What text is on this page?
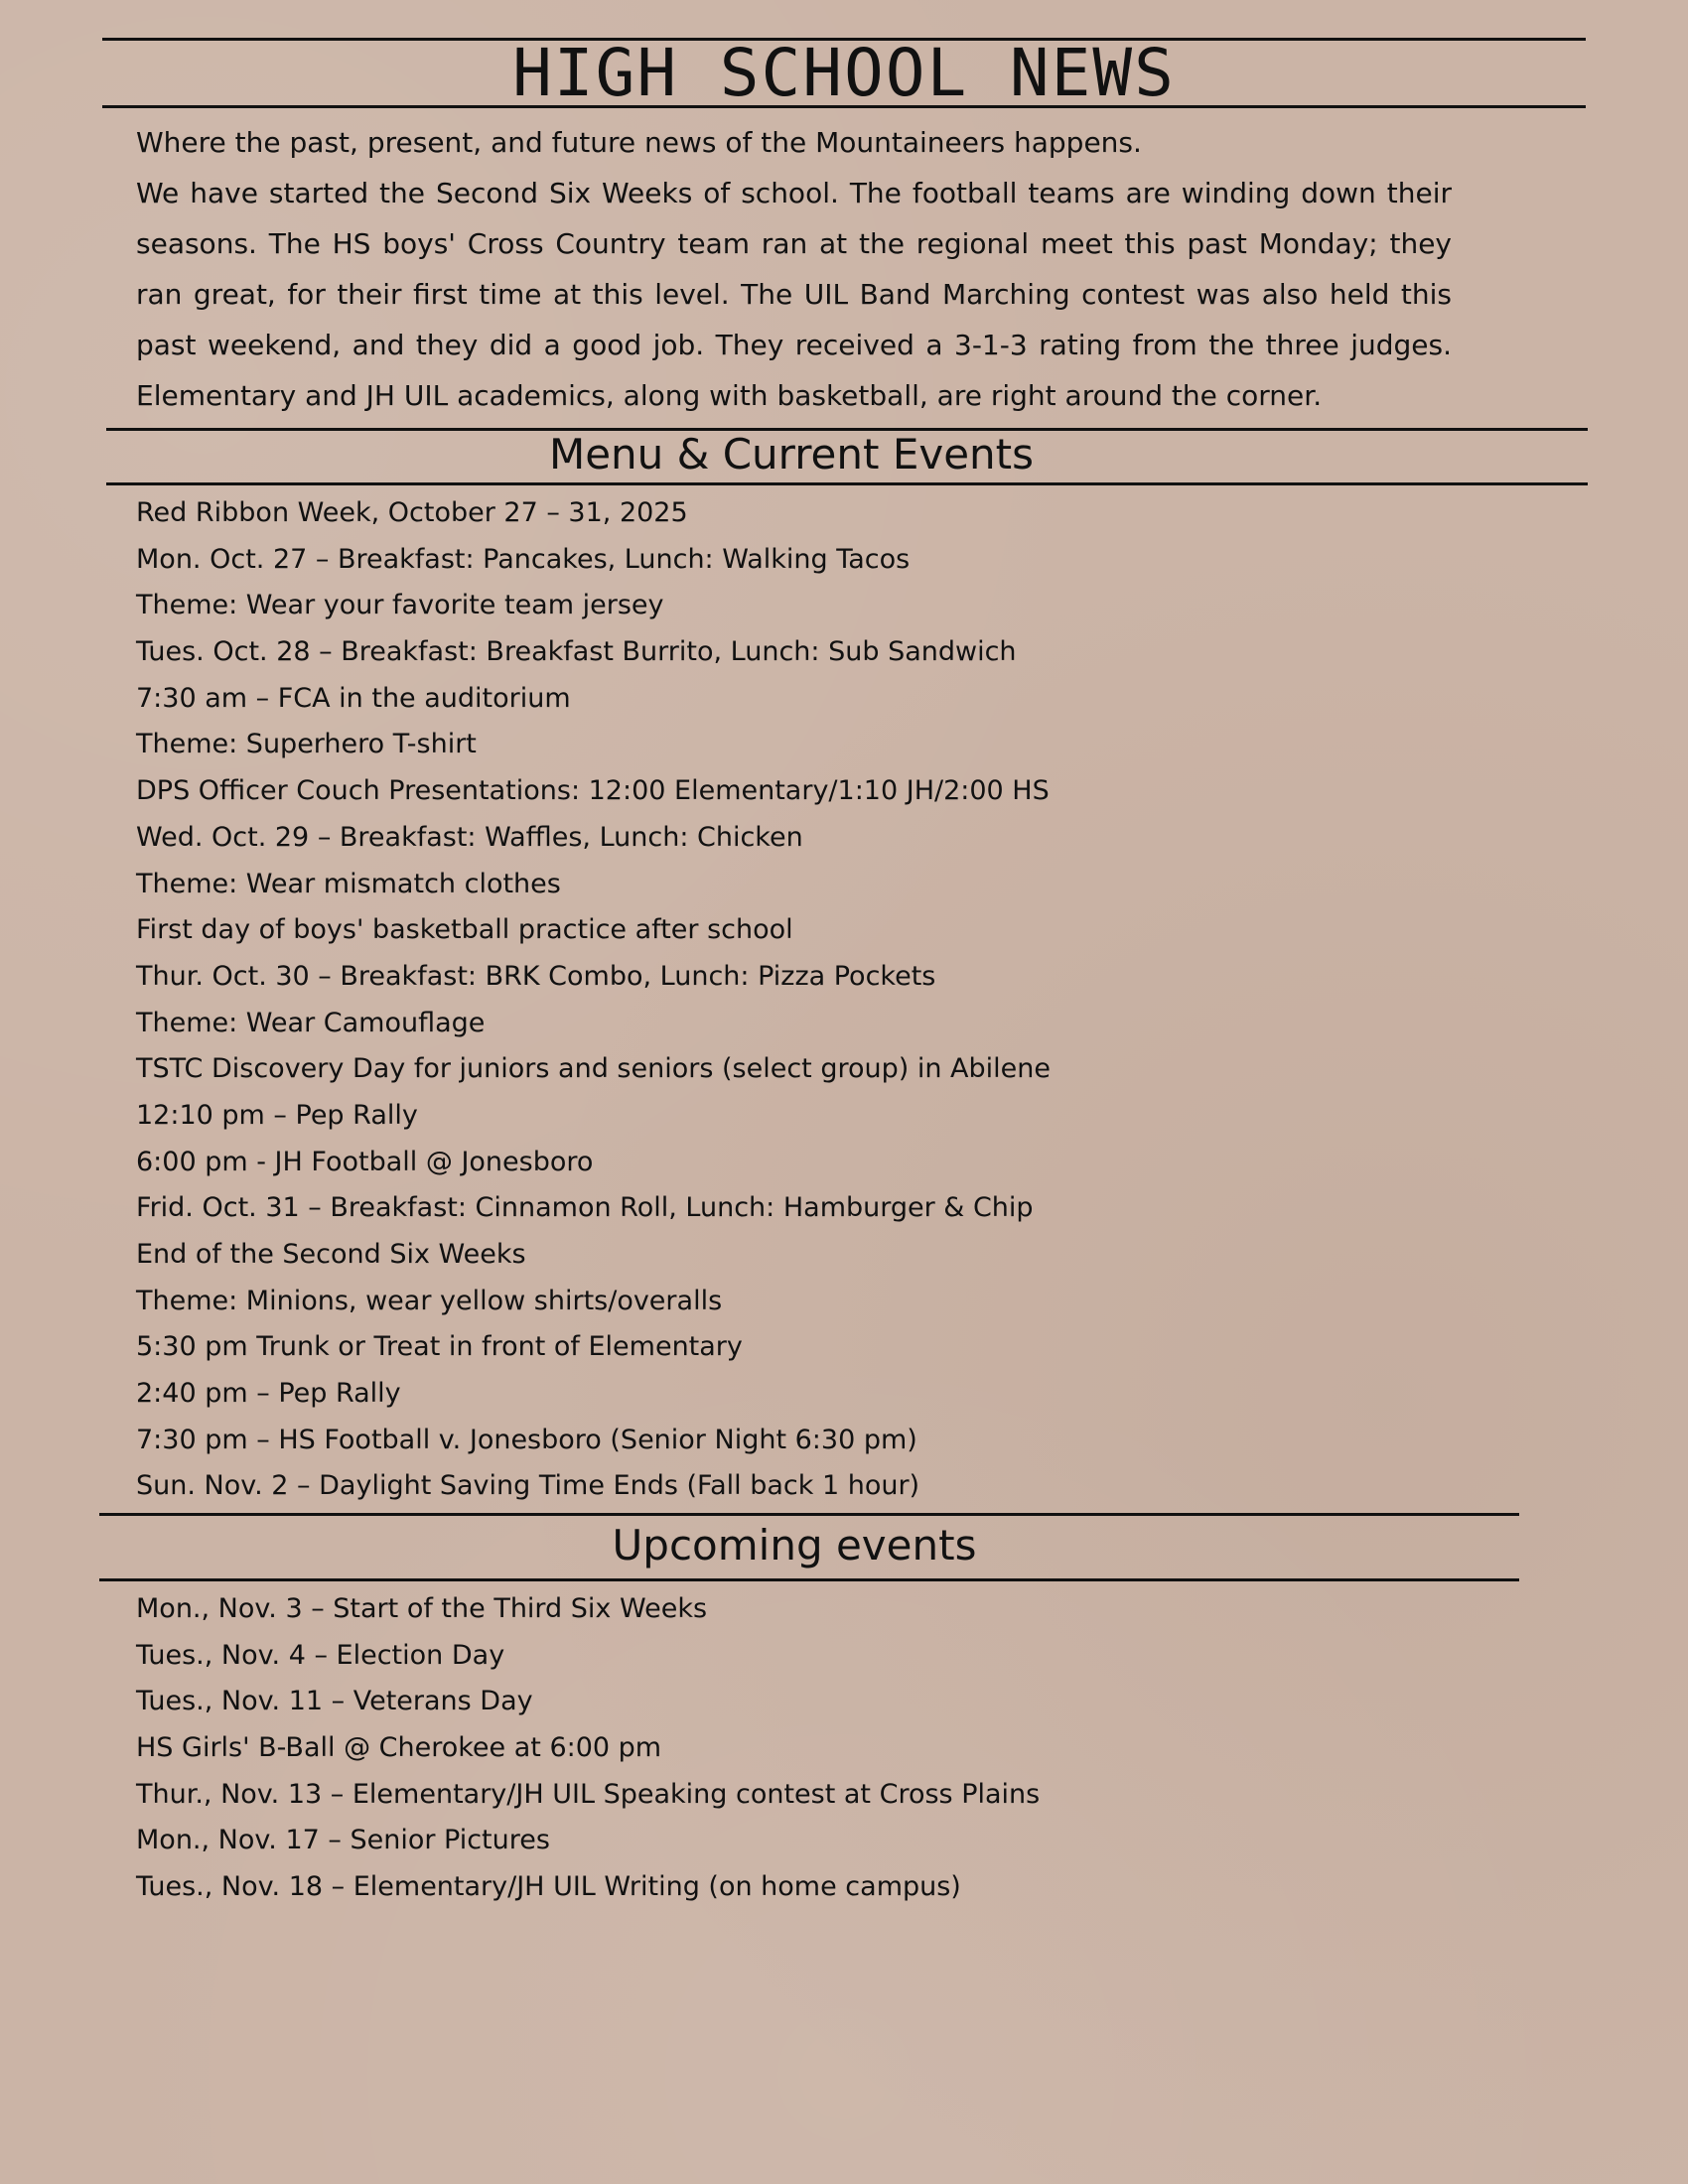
HIGH SCHOOL NEWS

Where the past, present, and future news of the Mountaineers happens.

We have started the Second Six Weeks of school. The football teams are winding down their seasons. The HS boys' Cross Country team ran at the regional meet this past Monday; they ran great, for their first time at this level. The UIL Band Marching contest was also held this past weekend, and they did a good job. They received a 3-1-3 rating from the three judges. Elementary and JH UIL academics, along with basketball, are right around the corner.

Menu & Current Events
Red Ribbon Week, October 27 – 31, 2025
Mon. Oct. 27 – Breakfast: Pancakes, Lunch: Walking Tacos
Theme: Wear your favorite team jersey
Tues. Oct. 28 – Breakfast: Breakfast Burrito, Lunch: Sub Sandwich
7:30 am – FCA in the auditorium
Theme: Superhero T-shirt
DPS Officer Couch Presentations: 12:00 Elementary/1:10 JH/2:00 HS
Wed. Oct. 29 – Breakfast: Waffles, Lunch: Chicken
Theme: Wear mismatch clothes
First day of boys' basketball practice after school
Thur. Oct. 30 – Breakfast: BRK Combo, Lunch: Pizza Pockets
Theme: Wear Camouflage
TSTC Discovery Day for juniors and seniors (select group) in Abilene
12:10 pm – Pep Rally
6:00 pm - JH Football @ Jonesboro
Frid. Oct. 31 – Breakfast: Cinnamon Roll, Lunch: Hamburger & Chip
End of the Second Six Weeks
Theme: Minions, wear yellow shirts/overalls
5:30 pm Trunk or Treat in front of Elementary
2:40 pm – Pep Rally
7:30 pm – HS Football v. Jonesboro (Senior Night 6:30 pm)
Sun. Nov. 2 – Daylight Saving Time Ends (Fall back 1 hour)
Upcoming events
Mon., Nov. 3 – Start of the Third Six Weeks
Tues., Nov. 4 – Election Day
Tues., Nov. 11 – Veterans Day
HS Girls' B-Ball @ Cherokee at 6:00 pm
Thur., Nov. 13 – Elementary/JH UIL Speaking contest at Cross Plains
Mon., Nov. 17 – Senior Pictures
Tues., Nov. 18 – Elementary/JH UIL Writing (on home campus)
